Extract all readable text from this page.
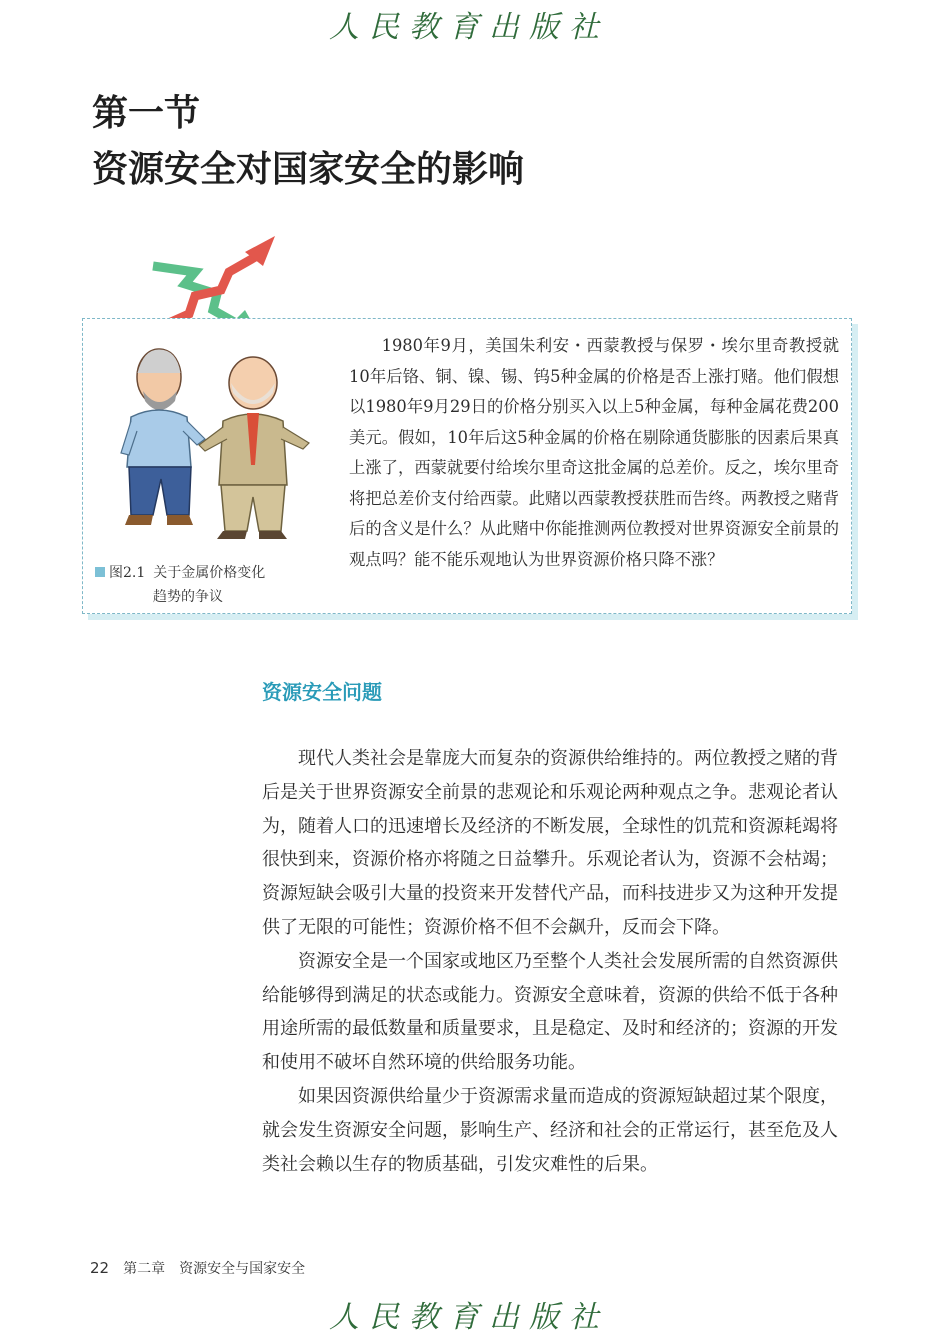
人民教育出版社
第一节
资源安全对国家安全的影响
图2.1 关于金属价格变化
趋势的争议

1980年9月，美国朱利安・西蒙教授与保罗・埃尔里奇教授就10年后铬、铜、镍、锡、钨5种金属的价格是否上涨打赌。他们假想以1980年9月29日的价格分别买入以上5种金属，每种金属花费200美元。假如，10年后这5种金属的价格在剔除通货膨胀的因素后果真上涨了，西蒙就要付给埃尔里奇这批金属的总差价。反之，埃尔里奇将把总差价支付给西蒙。此赌以西蒙教授获胜而告终。两教授之赌背后的含义是什么？从此赌中你能推测两位教授对世界资源安全前景的观点吗？能不能乐观地认为世界资源价格只降不涨？

资源安全问题

现代人类社会是靠庞大而复杂的资源供给维持的。两位教授之赌的背后是关于世界资源安全前景的悲观论和乐观论两种观点之争。悲观论者认为，随着人口的迅速增长及经济的不断发展，全球性的饥荒和资源耗竭将很快到来，资源价格亦将随之日益攀升。乐观论者认为，资源不会枯竭；资源短缺会吸引大量的投资来开发替代产品，而科技进步又为这种开发提供了无限的可能性；资源价格不但不会飙升，反而会下降。

资源安全是一个国家或地区乃至整个人类社会发展所需的自然资源供给能够得到满足的状态或能力。资源安全意味着，资源的供给不低于各种用途所需的最低数量和质量要求，且是稳定、及时和经济的；资源的开发和使用不破坏自然环境的供给服务功能。

如果因资源供给量少于资源需求量而造成的资源短缺超过某个限度，就会发生资源安全问题，影响生产、经济和社会的正常运行，甚至危及人类社会赖以生存的物质基础，引发灾难性的后果。

22 第二章　资源安全与国家安全
人民教育出版社
